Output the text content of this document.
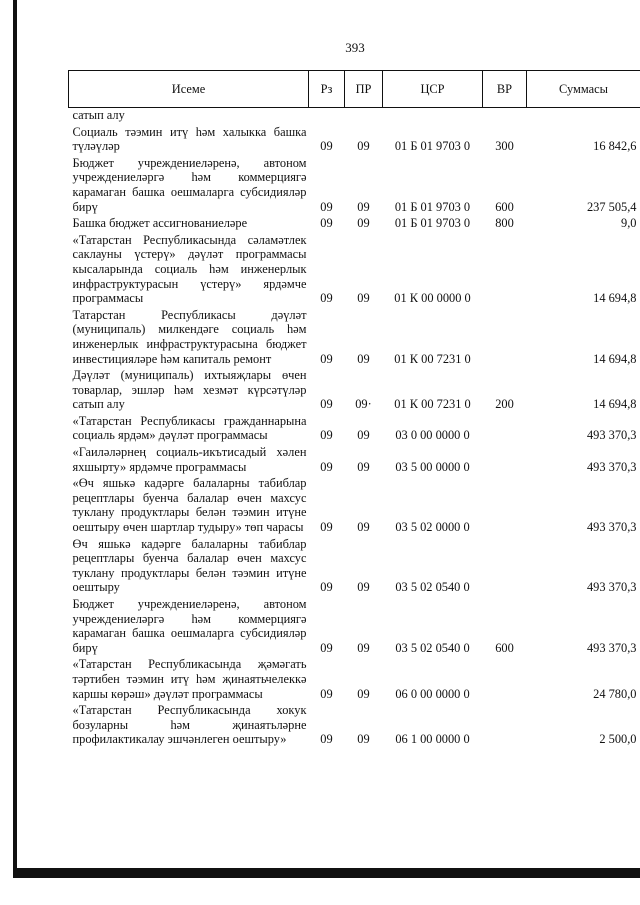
393
Исеме	Рз	ПР	ЦСР	ВР	Суммасы
сатып алу					
Социаль тәэмин итү һәм халыкка башка түләүләр	09	09	01 Б 01 9703 0	300	16 842,6
Бюджет учреждениеләренә, автоном учреждениеләргә һәм коммерциягә карамаган башка оешмаларга субсидияләр бирү	09	09	01 Б 01 9703 0	600	237 505,4
Башка бюджет ассигнованиеләре	09	09	01 Б 01 9703 0	800	9,0
«Татарстан Республикасында сәламәтлек саклауны үстерү» дәүләт программасы кысаларында социаль һәм инженерлык инфраструктурасын үстерү» ярдәмче программасы	09	09	01 К 00 0000 0		14 694,8
Татарстан Республикасы дәүләт (муниципаль) милкендәге социаль һәм инженерлык инфраструктурасына бюджет инвестицияләре һәм капиталь ремонт	09	09	01 К 00 7231 0		14 694,8
Дәүләт (муниципаль) ихтыяҗлары өчен товарлар, эшләр һәм хезмәт күрсәтүләр сатып алу	09	09·	01 К 00 7231 0	200	14 694,8
«Татарстан Республикасы гражданнарына социаль ярдәм» дәүләт программасы	09	09	03 0 00 0000 0		493 370,3
«Гаиләләрнең социаль-икътисадый хәлен яхшырту» ярдәмче программасы	09	09	03 5 00 0000 0		493 370,3
«Өч яшькә кадәрге балаларны табиблар рецептлары буенча балалар өчен махсус туклану продуктлары белән тәэмин итүне оештыру өчен шартлар тудыру» төп чарасы	09	09	03 5 02 0000 0		493 370,3
Өч яшькә кадәрге балаларны табиблар рецептлары буенча балалар өчен махсус туклану продуктлары белән тәэмин итүне оештыру	09	09	03 5 02 0540 0		493 370,3
Бюджет учреждениеләренә, автоном учреждениеләргә һәм коммерциягә карамаган башка оешмаларга субсидияләр бирү	09	09	03 5 02 0540 0	600	493 370,3
«Татарстан Республикасында җәмәгать тәртибен тәэмин итү һәм җинаятьчелеккә каршы көрәш» дәүләт программасы	09	09	06 0 00 0000 0		24 780,0
«Татарстан Республикасында хокук бозуларны һәм җинаятьләрне профилактикалау эшчәнлеген оештыру»	09	09	06 1 00 0000 0		2 500,0
